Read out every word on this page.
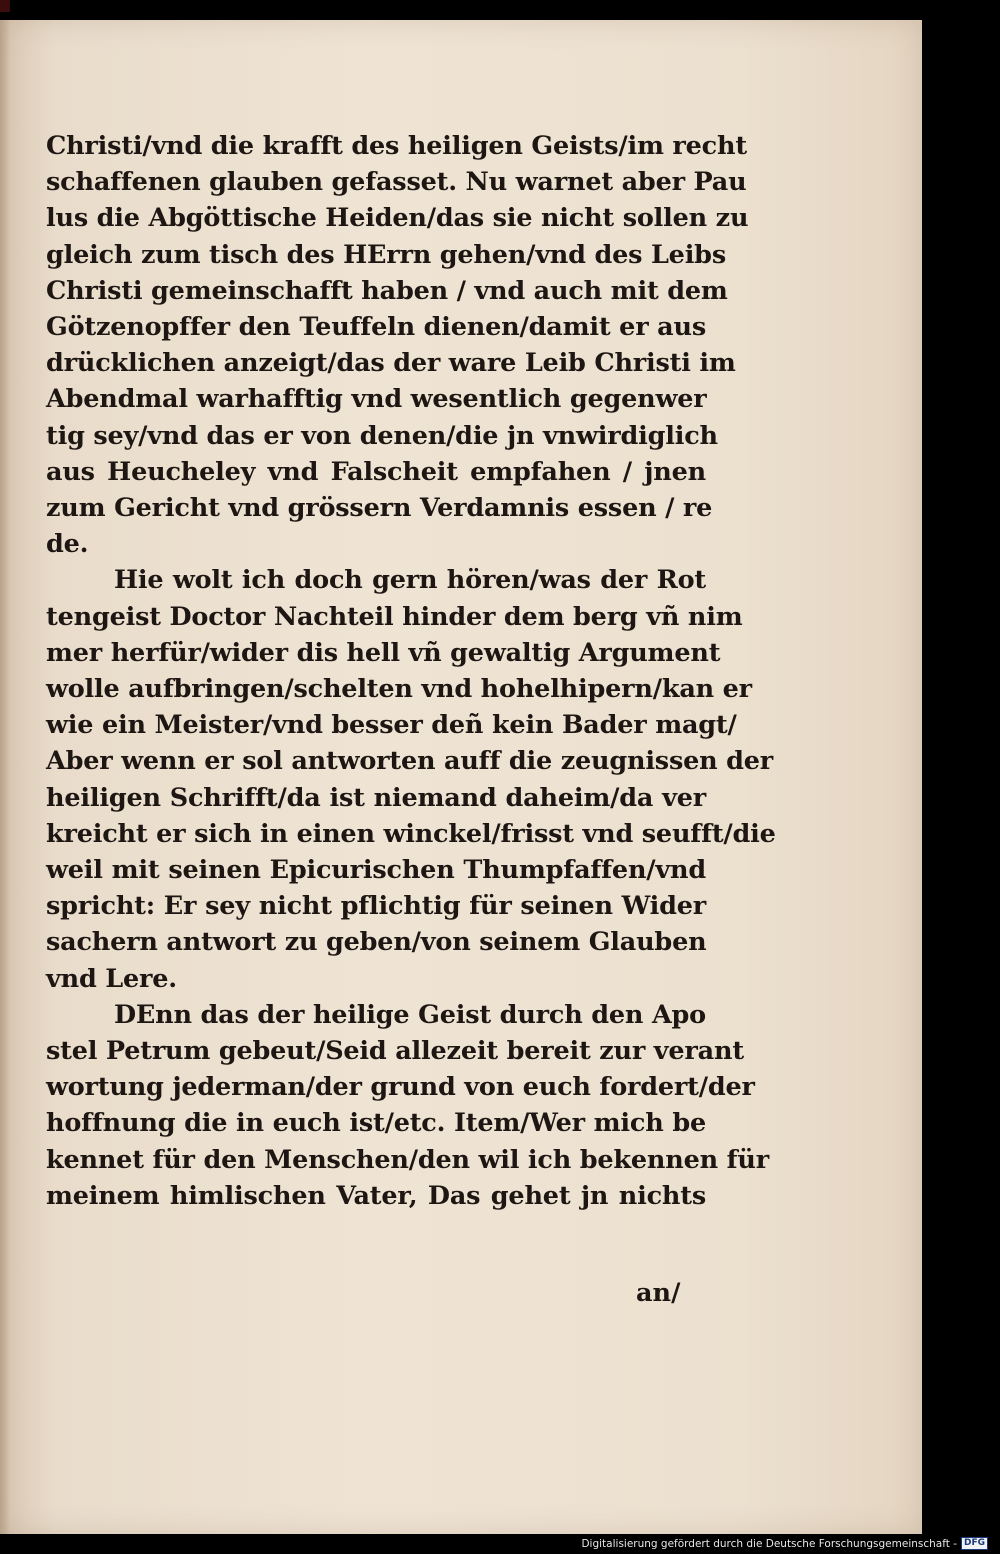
Christi/vnd die krafft des heiligen Geists/im recht
schaffenen glauben gefasset. Nu warnet aber Pau
lus die Abgöttische Heiden/das sie nicht sollen zu
gleich zum tisch des HErrn gehen/vnd des Leibs
Christi gemeinschafft haben / vnd auch mit dem
Götzenopffer den Teuffeln dienen/damit er aus
drücklichen anzeigt/das der ware Leib Christi im
Abendmal warhafftig vnd wesentlich gegenwer
tig sey/vnd das er von denen/die jn vnwirdiglich
aus Heucheley vnd Falscheit empfahen / jnen
zum Gericht vnd grössern Verdamnis essen / re
de.
Hie wolt ich doch gern hören/was der Rot
tengeist Doctor Nachteil hinder dem berg vñ nim
mer herfür/wider dis hell vñ gewaltig Argument
wolle aufbringen/schelten vnd hohelhipern/kan er
wie ein Meister/vnd besser deñ kein Bader magt/
Aber wenn er sol antworten auff die zeugnissen der
heiligen Schrifft/da ist niemand daheim/da ver
kreicht er sich in einen winckel/frisst vnd seufft/die
weil mit seinen Epicurischen Thumpfaffen/vnd
spricht: Er sey nicht pflichtig für seinen Wider
sachern antwort zu geben/von seinem Glauben
vnd Lere.
DEnn das der heilige Geist durch den Apo
stel Petrum gebeut/Seid allezeit bereit zur verant
wortung jederman/der grund von euch fordert/der
hoffnung die in euch ist/etc. Item/Wer mich be
kennet für den Menschen/den wil ich bekennen für
meinem himlischen Vater, Das gehet jn nichts
an/
Digitalisierung gefördert durch die Deutsche Forschungsgemeinschaft - DFG
